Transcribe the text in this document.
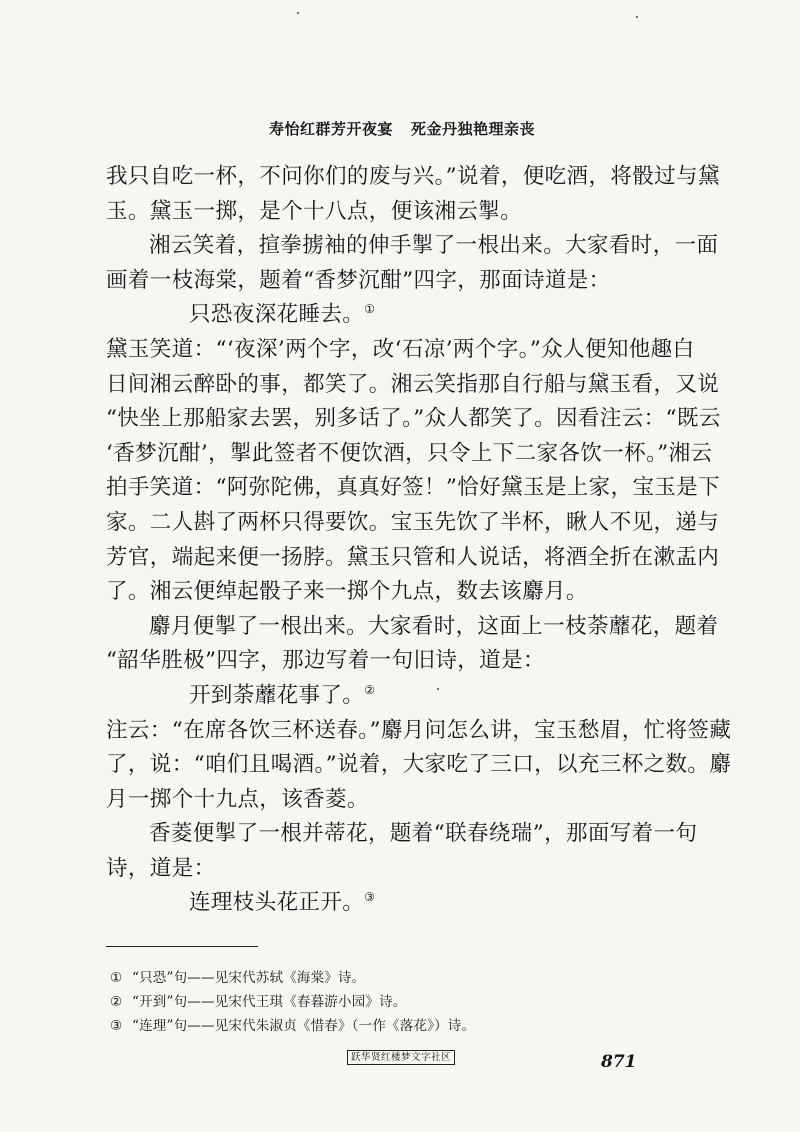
寿怡红群芳开夜宴 死金丹独艳理亲丧

我只自吃一杯，不问你们的废与兴。”说着，便吃酒，将骰过与黛

玉。黛玉一掷，是个十八点，便该湘云掣。

湘云笑着，揎拳掳袖的伸手掣了一根出来。大家看时，一面

画着一枝海棠，题着“香梦沉酣”四字，那面诗道是：

只恐夜深花睡去。①

黛玉笑道：“‘夜深’两个字，改‘石凉’两个字。”众人便知他趣白

日间湘云醉卧的事，都笑了。湘云笑指那自行船与黛玉看，又说

“快坐上那船家去罢，别多话了。”众人都笑了。因看注云：“既云

‘香梦沉酣’，掣此签者不便饮酒，只令上下二家各饮一杯。”湘云

拍手笑道：“阿弥陀佛，真真好签！”恰好黛玉是上家，宝玉是下

家。二人斟了两杯只得要饮。宝玉先饮了半杯，瞅人不见，递与

芳官，端起来便一扬脖。黛玉只管和人说话，将酒全折在漱盂内

了。湘云便绰起骰子来一掷个九点，数去该麝月。

麝月便掣了一根出来。大家看时，这面上一枝荼蘼花，题着

“韶华胜极”四字，那边写着一句旧诗，道是：

开到荼蘼花事了。②

注云：“在席各饮三杯送春。”麝月问怎么讲，宝玉愁眉，忙将签藏

了，说：“咱们且喝酒。”说着，大家吃了三口，以充三杯之数。麝

月一掷个十九点，该香菱。

香菱便掣了一根并蒂花，题着“联春绕瑞”，那面写着一句

诗，道是：

连理枝头花正开。③

① “只恐”句——见宋代苏轼《海棠》诗。
② “开到”句——见宋代王琪《春暮游小园》诗。
③ “连理”句——见宋代朱淑贞《惜春》（一作《落花》）诗。
跃华贤红楼梦文字社区	871
